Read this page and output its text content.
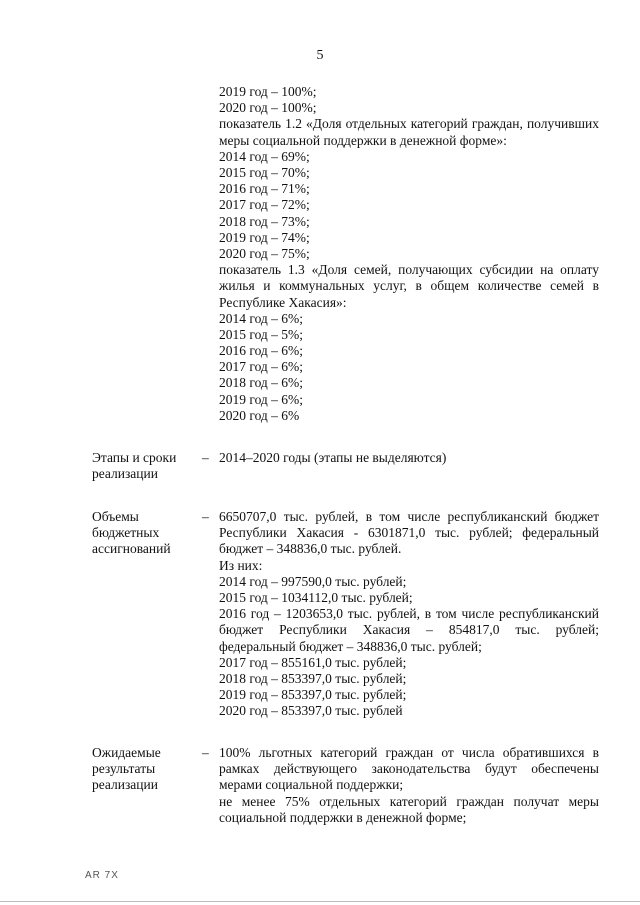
5
2019 год – 100%;
2020 год – 100%;
показатель 1.2 «Доля отдельных категорий граждан, получивших меры социальной поддержки в денежной форме»:
2014 год – 69%;
2015 год – 70%;
2016 год – 71%;
2017 год – 72%;
2018 год – 73%;
2019 год – 74%;
2020 год – 75%;
показатель 1.3 «Доля семей, получающих субсидии на оплату жилья и коммунальных услуг, в общем количестве семей в Республике Хакасия»:
2014 год – 6%;
2015 год – 5%;
2016 год – 6%;
2017 год – 6%;
2018 год – 6%;
2019 год – 6%;
2020 год – 6%
Этапы и сроки реализации
– 2014–2020 годы (этапы не выделяются)
Объемы бюджетных ассигнований
– 6650707,0 тыс. рублей, в том числе республиканский бюджет Республики Хакасия - 6301871,0 тыс. рублей; федеральный бюджет – 348836,0 тыс. рублей.
Из них:
2014 год – 997590,0 тыс. рублей;
2015 год – 1034112,0 тыс. рублей;
2016 год – 1203653,0 тыс. рублей, в том числе республиканский бюджет Республики Хакасия – 854817,0 тыс. рублей; федеральный бюджет – 348836,0 тыс. рублей;
2017 год – 855161,0 тыс. рублей;
2018 год – 853397,0 тыс. рублей;
2019 год – 853397,0 тыс. рублей;
2020 год – 853397,0 тыс. рублей
Ожидаемые результаты реализации
– 100% льготных категорий граждан от числа обратившихся в рамках действующего законодательства будут обеспечены мерами социальной поддержки;
не менее 75% отдельных категорий граждан получат меры социальной поддержки в денежной форме;
AR 7X
